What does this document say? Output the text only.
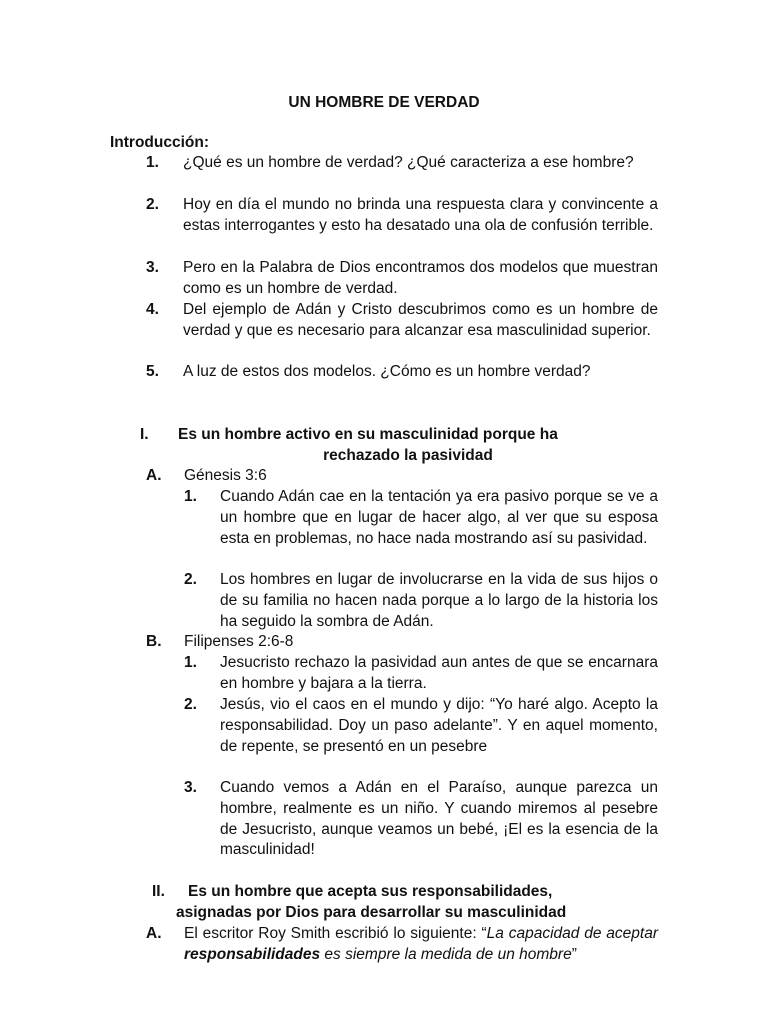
UN HOMBRE DE VERDAD
Introducción:
1.	¿Qué es un hombre de verdad? ¿Qué caracteriza a ese hombre?
2.	Hoy en día el mundo no brinda una respuesta clara y convincente a estas interrogantes y esto ha desatado una ola de confusión terrible.
3.	Pero en la Palabra de Dios encontramos dos modelos que muestran como es un hombre de verdad.
4.	Del ejemplo de Adán y Cristo descubrimos como es un hombre de verdad y que es necesario para alcanzar esa masculinidad superior.
5.	A luz de estos dos modelos. ¿Cómo es un hombre verdad?
I.	Es un hombre activo en su masculinidad porque ha
rechazado la pasividad
A.	Génesis 3:6
1.	Cuando Adán cae en la tentación ya era pasivo porque se ve a un hombre que en lugar de hacer algo, al ver que su esposa esta en problemas, no hace nada mostrando así su pasividad.
2.	Los hombres en lugar de involucrarse en la vida de sus hijos o de su familia no hacen nada porque a lo largo de la historia los ha seguido la sombra de Adán.
B.	Filipenses 2:6-8
1.	Jesucristo rechazo la pasividad aun antes de que se encarnara en hombre y bajara a la tierra.
2.	Jesús, vio el caos en el mundo y dijo: “Yo haré algo. Acepto la responsabilidad. Doy un paso adelante”. Y en aquel momento, de repente, se presentó en un pesebre
3.	Cuando vemos a Adán en el Paraíso, aunque parezca un hombre, realmente es un niño. Y cuando miremos al pesebre de Jesucristo, aunque veamos un bebé, ¡El es la esencia de la masculinidad!
II.	Es un hombre que acepta sus responsabilidades,
asignadas por Dios para desarrollar su masculinidad
A.	El escritor Roy Smith escribió lo siguiente: “La capacidad de aceptar responsabilidades es siempre la medida de un hombre”
